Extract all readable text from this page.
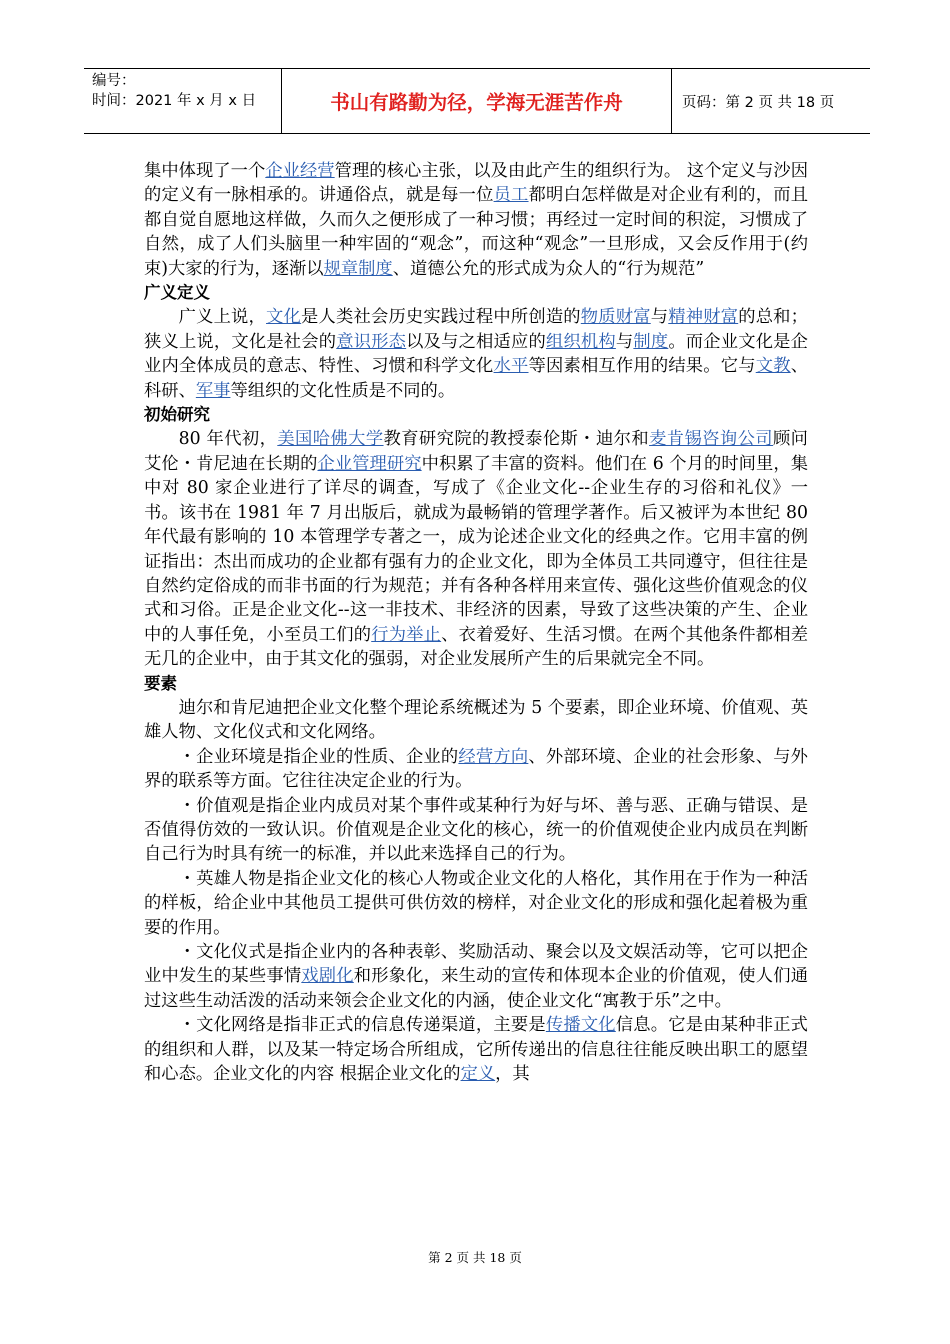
编号：
时间：2021 年 x 月 x 日	书山有路勤为径，学海无涯苦作舟	页码：第 2 页 共 18 页

集中体现了一个企业经营管理的核心主张，以及由此产生的组织行为。 这个定义与沙因的定义有一脉相承的。讲通俗点，就是每一位员工都明白怎样做是对企业有利的，而且都自觉自愿地这样做，久而久之便形成了一种习惯；再经过一定时间的积淀，习惯成了自然，成了人们头脑里一种牢固的“观念”，而这种“观念”一旦形成，又会反作用于(约束)大家的行为，逐渐以规章制度、道德公允的形式成为众人的“行为规范”

广义定义

广义上说，文化是人类社会历史实践过程中所创造的物质财富与精神财富的总和；狭义上说，文化是社会的意识形态以及与之相适应的组织机构与制度。而企业文化是企业内全体成员的意志、特性、习惯和科学文化水平等因素相互作用的结果。它与文教、科研、军事等组织的文化性质是不同的。

初始研究

80 年代初，美国哈佛大学教育研究院的教授泰伦斯・迪尔和麦肯锡咨询公司顾问艾伦・肯尼迪在长期的企业管理研究中积累了丰富的资料。他们在 6 个月的时间里，集中对 80 家企业进行了详尽的调查，写成了《企业文化--企业生存的习俗和礼仪》一书。该书在 1981 年 7 月出版后，就成为最畅销的管理学著作。后又被评为本世纪 80 年代最有影响的 10 本管理学专著之一，成为论述企业文化的经典之作。它用丰富的例证指出：杰出而成功的企业都有强有力的企业文化，即为全体员工共同遵守，但往往是自然约定俗成的而非书面的行为规范；并有各种各样用来宣传、强化这些价值观念的仪式和习俗。正是企业文化--这一非技术、非经济的因素，导致了这些决策的产生、企业中的人事任免，小至员工们的行为举止、衣着爱好、生活习惯。在两个其他条件都相差无几的企业中，由于其文化的强弱，对企业发展所产生的后果就完全不同。

要素

迪尔和肯尼迪把企业文化整个理论系统概述为 5 个要素，即企业环境、价值观、英雄人物、文化仪式和文化网络。

・企业环境是指企业的性质、企业的经营方向、外部环境、企业的社会形象、与外界的联系等方面。它往往决定企业的行为。

・价值观是指企业内成员对某个事件或某种行为好与坏、善与恶、正确与错误、是否值得仿效的一致认识。价值观是企业文化的核心，统一的价值观使企业内成员在判断自己行为时具有统一的标准，并以此来选择自己的行为。

・英雄人物是指企业文化的核心人物或企业文化的人格化，其作用在于作为一种活的样板，给企业中其他员工提供可供仿效的榜样，对企业文化的形成和强化起着极为重要的作用。

・文化仪式是指企业内的各种表彰、奖励活动、聚会以及文娱活动等，它可以把企业中发生的某些事情戏剧化和形象化，来生动的宣传和体现本企业的价值观，使人们通过这些生动活泼的活动来领会企业文化的内涵，使企业文化“寓教于乐”之中。

・文化网络是指非正式的信息传递渠道，主要是传播文化信息。它是由某种非正式的组织和人群，以及某一特定场合所组成，它所传递出的信息往往能反映出职工的愿望和心态。企业文化的内容 根据企业文化的定义，其

第 2 页 共 18 页
